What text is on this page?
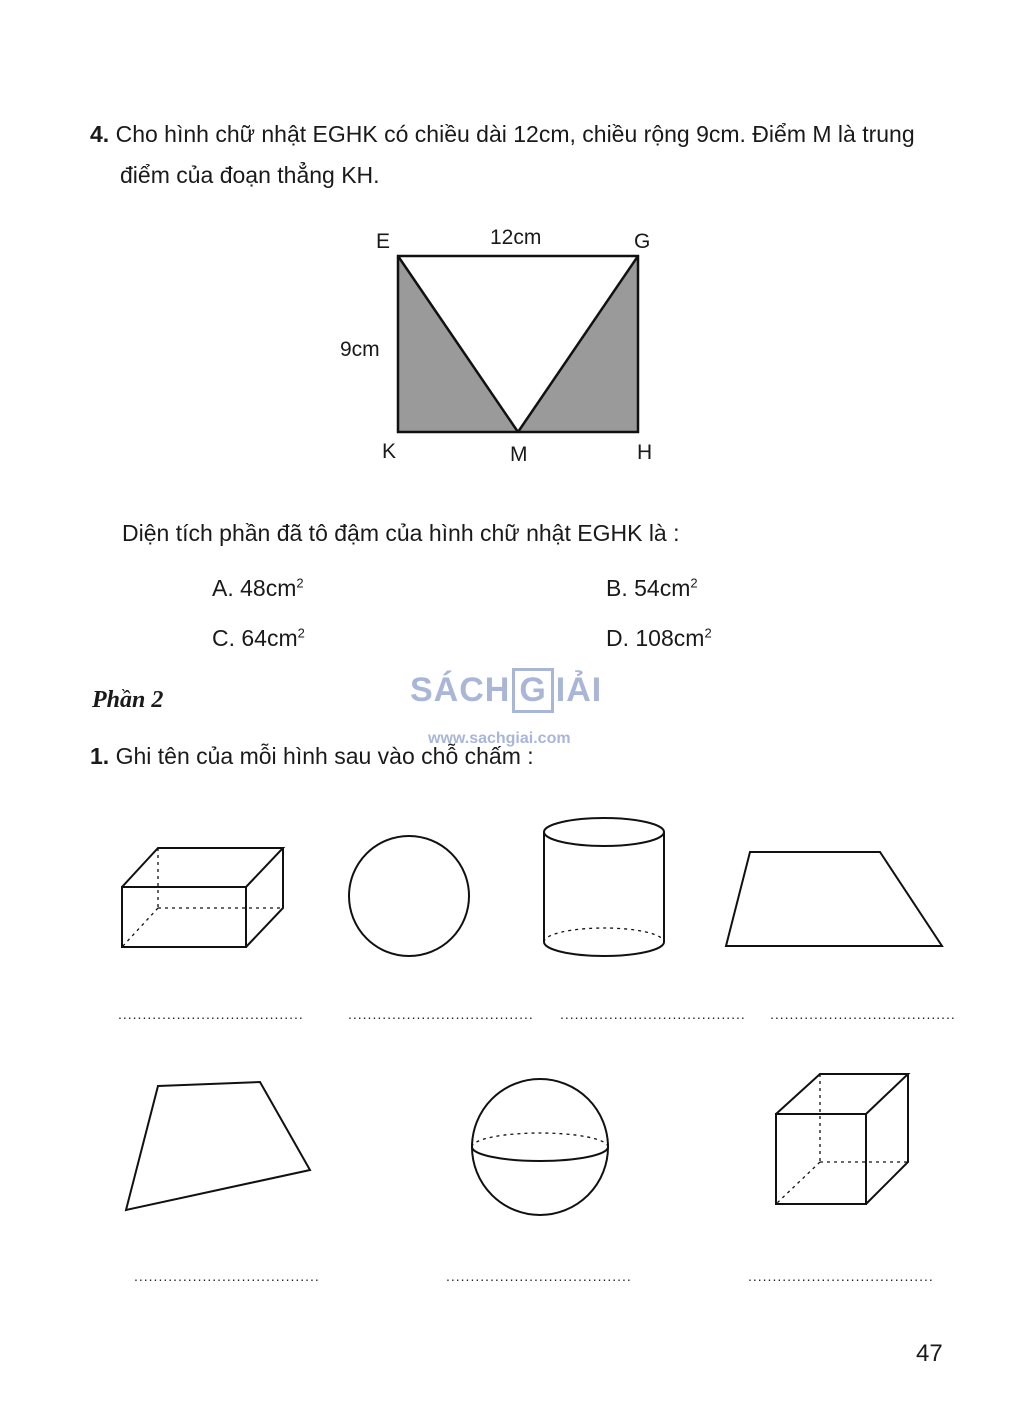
4. Cho hình chữ nhật EGHK có chiều dài 12cm, chiều rộng 9cm. Điểm M là trung
điểm của đoạn thẳng KH.
E	G
12cm
9cm
K	M	H
Diện tích phần đã tô đậm của hình chữ nhật EGHK là :
A. $48cm^2$	B. $54cm^2$
C. $64cm^2$	D. $108cm^2$
Phần 2	SÁCH G IẢI
www.sachgiai.com
1. Ghi tên của mỗi hình sau vào chỗ chấm :
......................................	...................................... ...................................... ......................................
......................................	......................................	......................................
47
